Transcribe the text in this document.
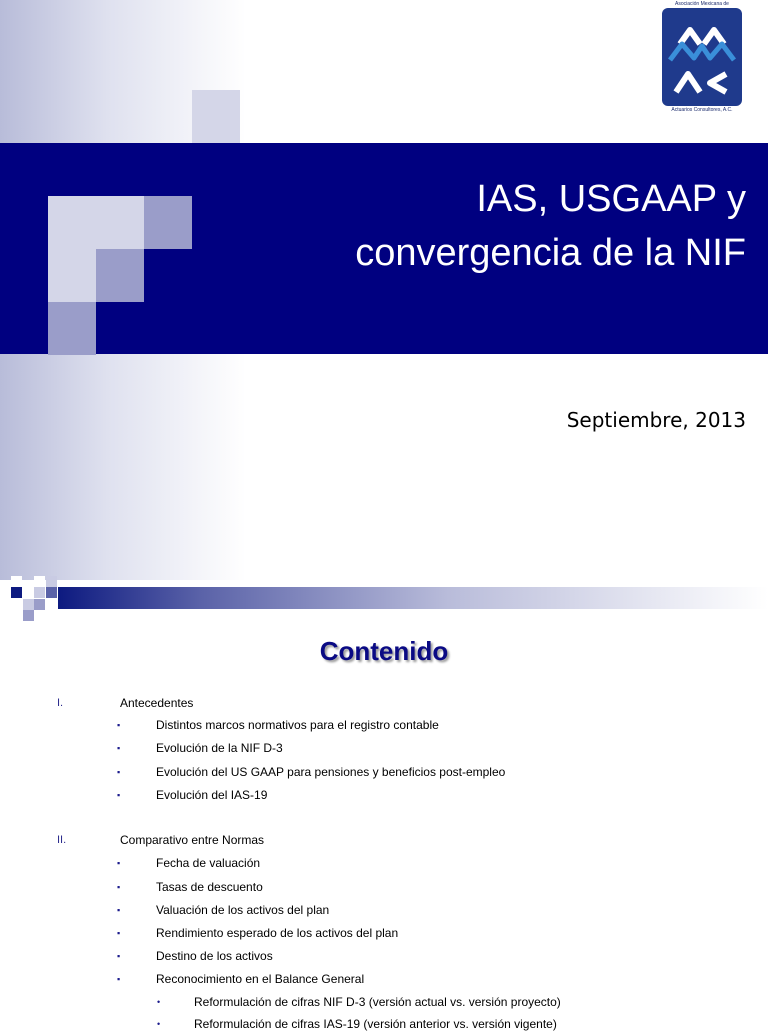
IAS, USGAAP y
convergencia de la NIF
Septiembre, 2013
Asociación Mexicana de
Actuarios Consultores, A.C.
Contenido
I.	Antecedentes
▪	Distintos marcos normativos para el registro contable
▪	Evolución de la NIF D-3
▪	Evolución del US GAAP para pensiones y beneficios post-empleo
▪	Evolución del IAS-19
II.	Comparativo entre Normas
▪	Fecha de valuación
▪	Tasas de descuento
▪	Valuación de los activos del plan
▪	Rendimiento esperado de los activos del plan
▪	Destino de los activos
▪	Reconocimiento en el Balance General
•	Reformulación de cifras NIF D-3 (versión actual vs. versión proyecto)
•	Reformulación de cifras IAS-19 (versión anterior vs. versión vigente)
